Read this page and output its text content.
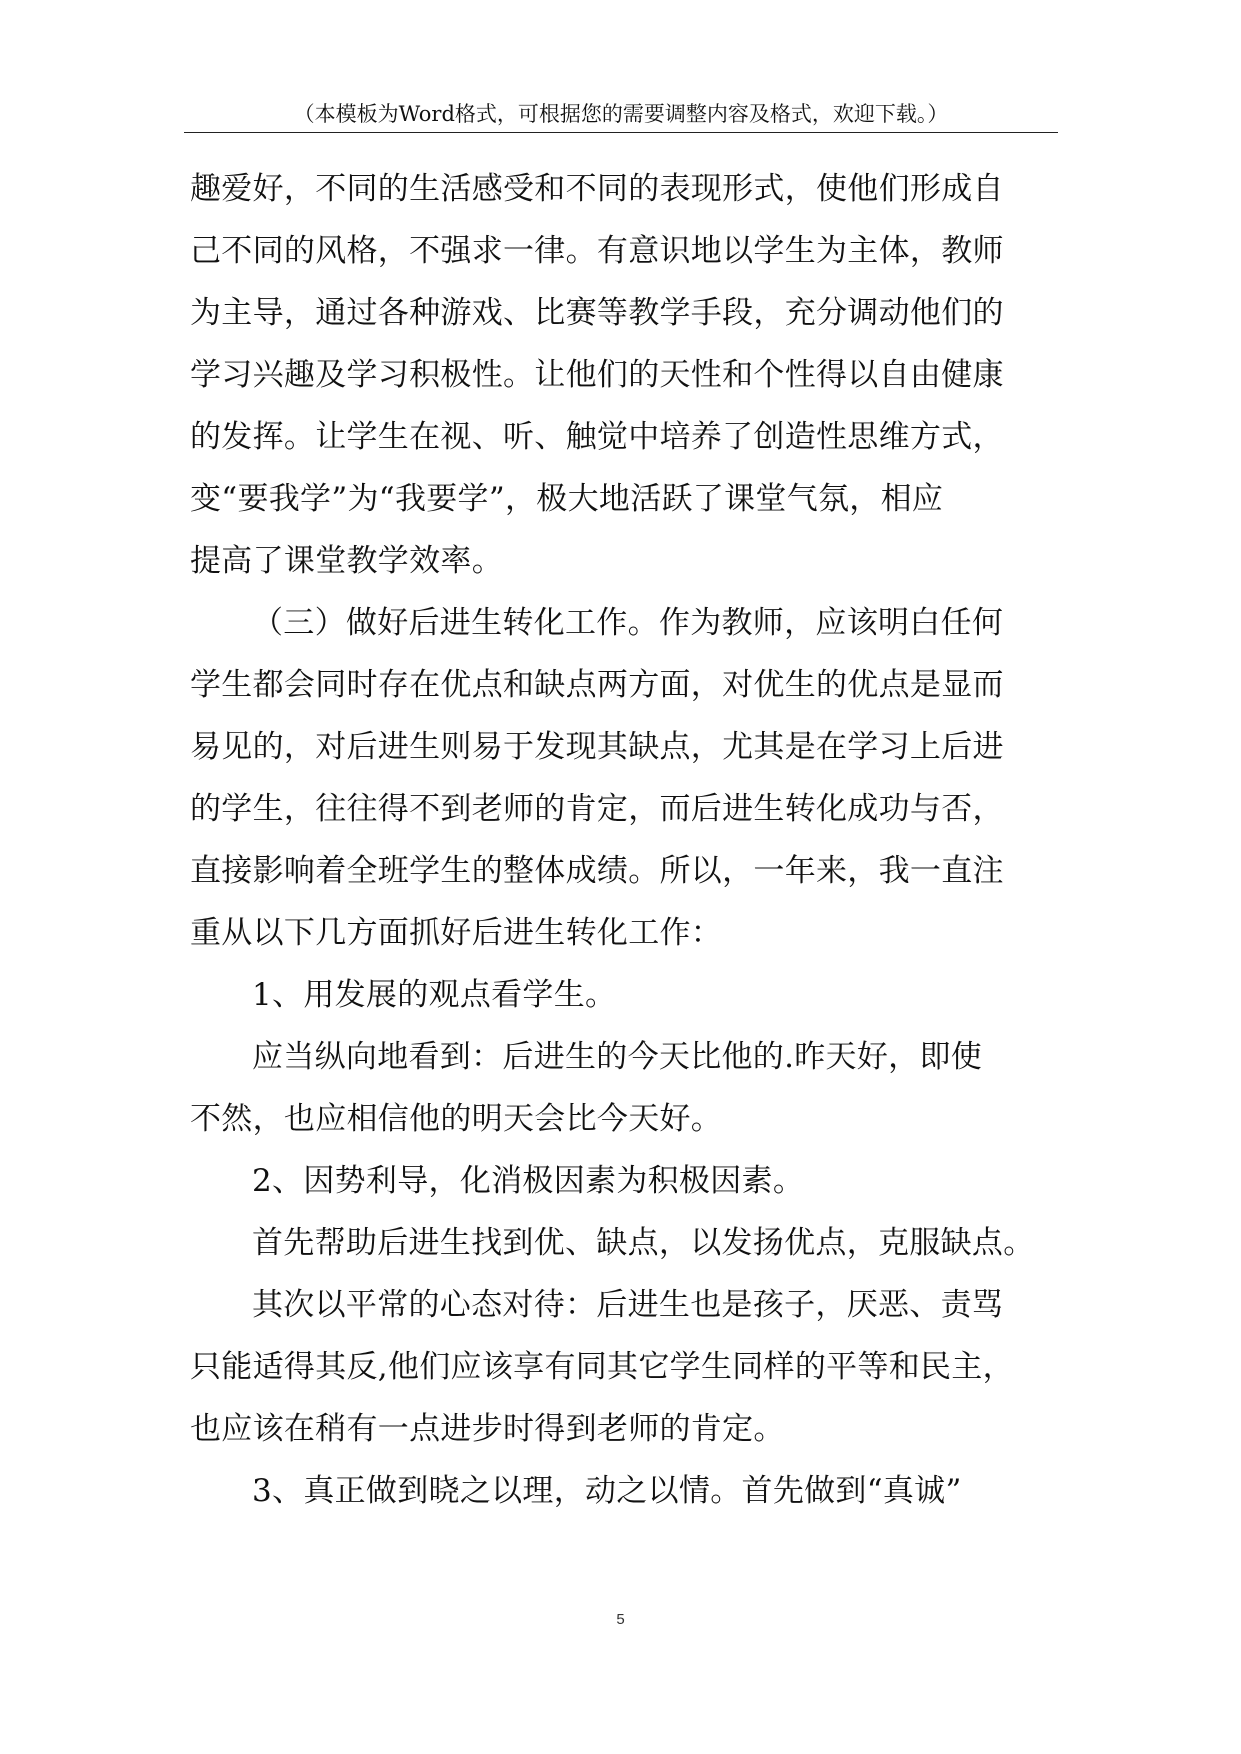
（本模板为Word格式，可根据您的需要调整内容及格式，欢迎下载。）
趣爱好，不同的生活感受和不同的表现形式，使他们形成自
己不同的风格，不强求一律。有意识地以学生为主体，教师
为主导，通过各种游戏、比赛等教学手段，充分调动他们的
学习兴趣及学习积极性。让他们的天性和个性得以自由健康
的发挥。让学生在视、听、触觉中培养了创造性思维方式，
变“要我学”为“我要学”，极大地活跃了课堂气氛，相应
提高了课堂教学效率。
（三）做好后进生转化工作。作为教师，应该明白任何
学生都会同时存在优点和缺点两方面，对优生的优点是显而
易见的，对后进生则易于发现其缺点，尤其是在学习上后进
的学生，往往得不到老师的肯定，而后进生转化成功与否，
直接影响着全班学生的整体成绩。所以，一年来，我一直注
重从以下几方面抓好后进生转化工作：
1、用发展的观点看学生。
应当纵向地看到：后进生的今天比他的.昨天好，即使
不然，也应相信他的明天会比今天好。
2、因势利导，化消极因素为积极因素。
首先帮助后进生找到优、缺点，以发扬优点，克服缺点。
其次以平常的心态对待：后进生也是孩子，厌恶、责骂
只能适得其反,他们应该享有同其它学生同样的平等和民主，
也应该在稍有一点进步时得到老师的肯定。
3、真正做到晓之以理，动之以情。首先做到“真诚”
5
